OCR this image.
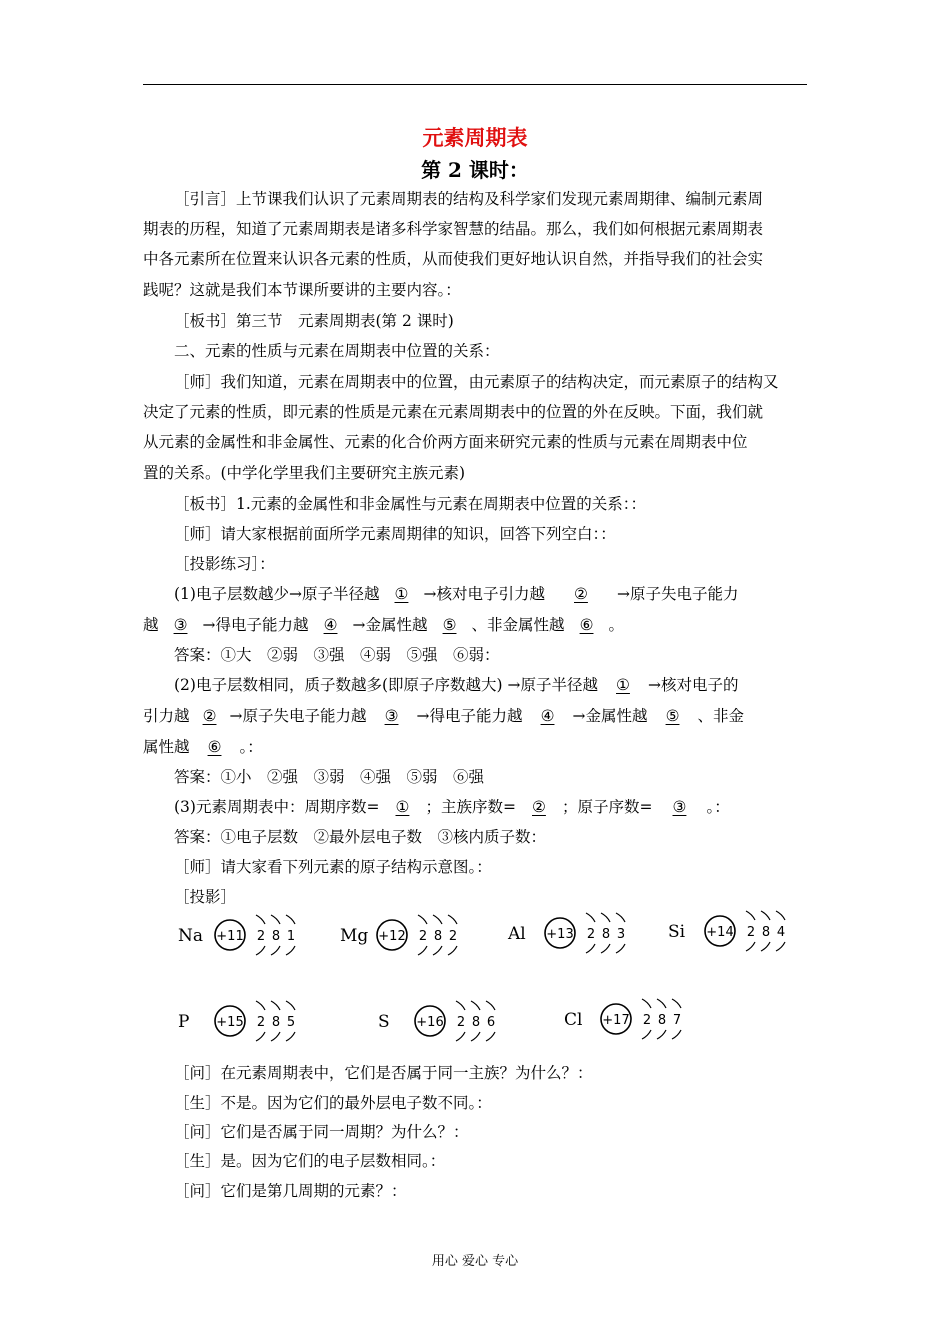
元素周期表
第 2 课时：
［引言］上节课我们认识了元素周期表的结构及科学家们发现元素周期律、编制元素周
期表的历程，知道了元素周期表是诸多科学家智慧的结晶。那么，我们如何根据元素周期表
中各元素所在位置来认识各元素的性质，从而使我们更好地认识自然，并指导我们的社会实
践呢？这就是我们本节课所要讲的主要内容。：
［板书］第三节　元素周期表(第 2 课时)
二、元素的性质与元素在周期表中位置的关系：
［师］我们知道，元素在周期表中的位置，由元素原子的结构决定，而元素原子的结构又
决定了元素的性质，即元素的性质是元素在元素周期表中的位置的外在反映。下面，我们就
从元素的金属性和非金属性、元素的化合价两方面来研究元素的性质与元素在周期表中位
置的关系。(中学化学里我们主要研究主族元素)
［板书］1.元素的金属性和非金属性与元素在周期表中位置的关系：：
［师］请大家根据前面所学元素周期律的知识，回答下列空白：：
［投影练习］：
(1)电子层数越少→原子半径越 ① →核对电子引力越 ② →原子失电子能力
越 ③ →得电子能力越 ④ →金属性越 ⑤ 、非金属性越 ⑥ 。
答案：①大　②弱　③强　④弱　⑤强　⑥弱：
(2)电子层数相同，质子数越多(即原子序数越大) →原子半径越 ① →核对电子的
引力越 ② →原子失电子能力越 ③ →得电子能力越 ④ →金属性越 ⑤ 、非金
属性越 ⑥ 。：
答案：①小　②强　③弱　④强　⑤弱　⑥强
(3)元素周期表中：周期序数= ① ；主族序数= ② ；原子序数= ③ 。：
答案：①电子层数　②最外层电子数　③核内质子数：
［师］请大家看下列元素的原子结构示意图。：
［投影］
Na +11 2 8 1	Mg +12 2 8 2	Al +13 2 8 3	Si +14 2 8 4
P +15 2 8 5	S +16 2 8 6	Cl +17 2 8 7
［问］在元素周期表中，它们是否属于同一主族？为什么？：
［生］不是。因为它们的最外层电子数不同。：
［问］它们是否属于同一周期？为什么？：
［生］是。因为它们的电子层数相同。：
［问］它们是第几周期的元素？：
用心 爱心 专心
